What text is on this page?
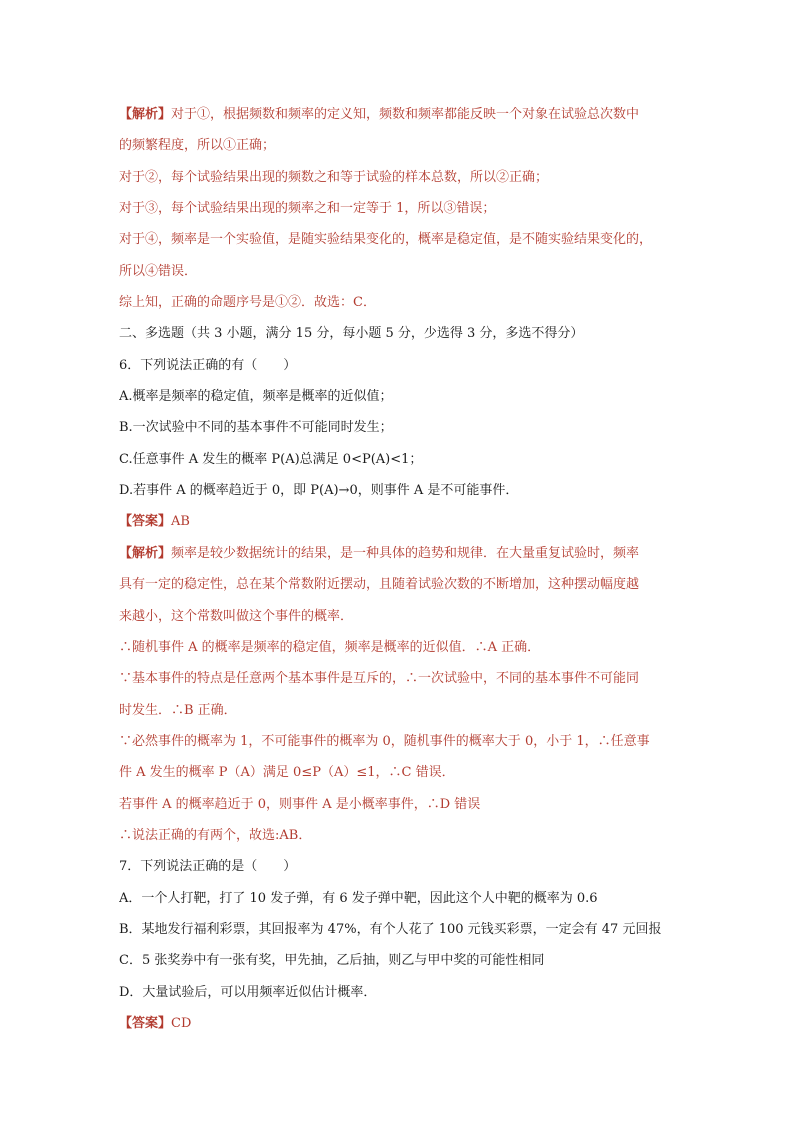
【解析】对于①，根据频数和频率的定义知，频数和频率都能反映一个对象在试验总次数中
的频繁程度，所以①正确；
对于②，每个试验结果出现的频数之和等于试验的样本总数，所以②正确；
对于③，每个试验结果出现的频率之和一定等于 1，所以③错误；
对于④，频率是一个实验值，是随实验结果变化的，概率是稳定值，是不随实验结果变化的，
所以④错误．
综上知，正确的命题序号是①②．故选：C．
二、多选题（共 3 小题，满分 15 分，每小题 5 分，少选得 3 分，多选不得分）
6．下列说法正确的有（　　）
A.概率是频率的稳定值，频率是概率的近似值；
B.一次试验中不同的基本事件不可能同时发生；
C.任意事件 A 发生的概率 P(A)总满足 0<P(A)<1；
D.若事件 A 的概率趋近于 0，即 P(A)→0，则事件 A 是不可能事件．
【答案】AB
【解析】频率是较少数据统计的结果，是一种具体的趋势和规律．在大量重复试验时，频率
具有一定的稳定性，总在某个常数附近摆动，且随着试验次数的不断增加，这种摆动幅度越
来越小，这个常数叫做这个事件的概率．
∴随机事件 A 的概率是频率的稳定值，频率是概率的近似值．∴A 正确．
∵基本事件的特点是任意两个基本事件是互斥的，∴一次试验中，不同的基本事件不可能同
时发生．∴B 正确．
∵必然事件的概率为 1，不可能事件的概率为 0，随机事件的概率大于 0，小于 1，∴任意事
件 A 发生的概率 P（A）满足 0≤P（A）≤1，∴C 错误．
若事件 A 的概率趋近于 0，则事件 A 是小概率事件，∴D 错误
∴说法正确的有两个，故选:AB．
7．下列说法正确的是（　　）
A．一个人打靶，打了 10 发子弹，有 6 发子弹中靶，因此这个人中靶的概率为 0.6
B．某地发行福利彩票，其回报率为 47%，有个人花了 100 元钱买彩票，一定会有 47 元回报
C．5 张奖券中有一张有奖，甲先抽，乙后抽，则乙与甲中奖的可能性相同
D．大量试验后，可以用频率近似估计概率．
【答案】CD
